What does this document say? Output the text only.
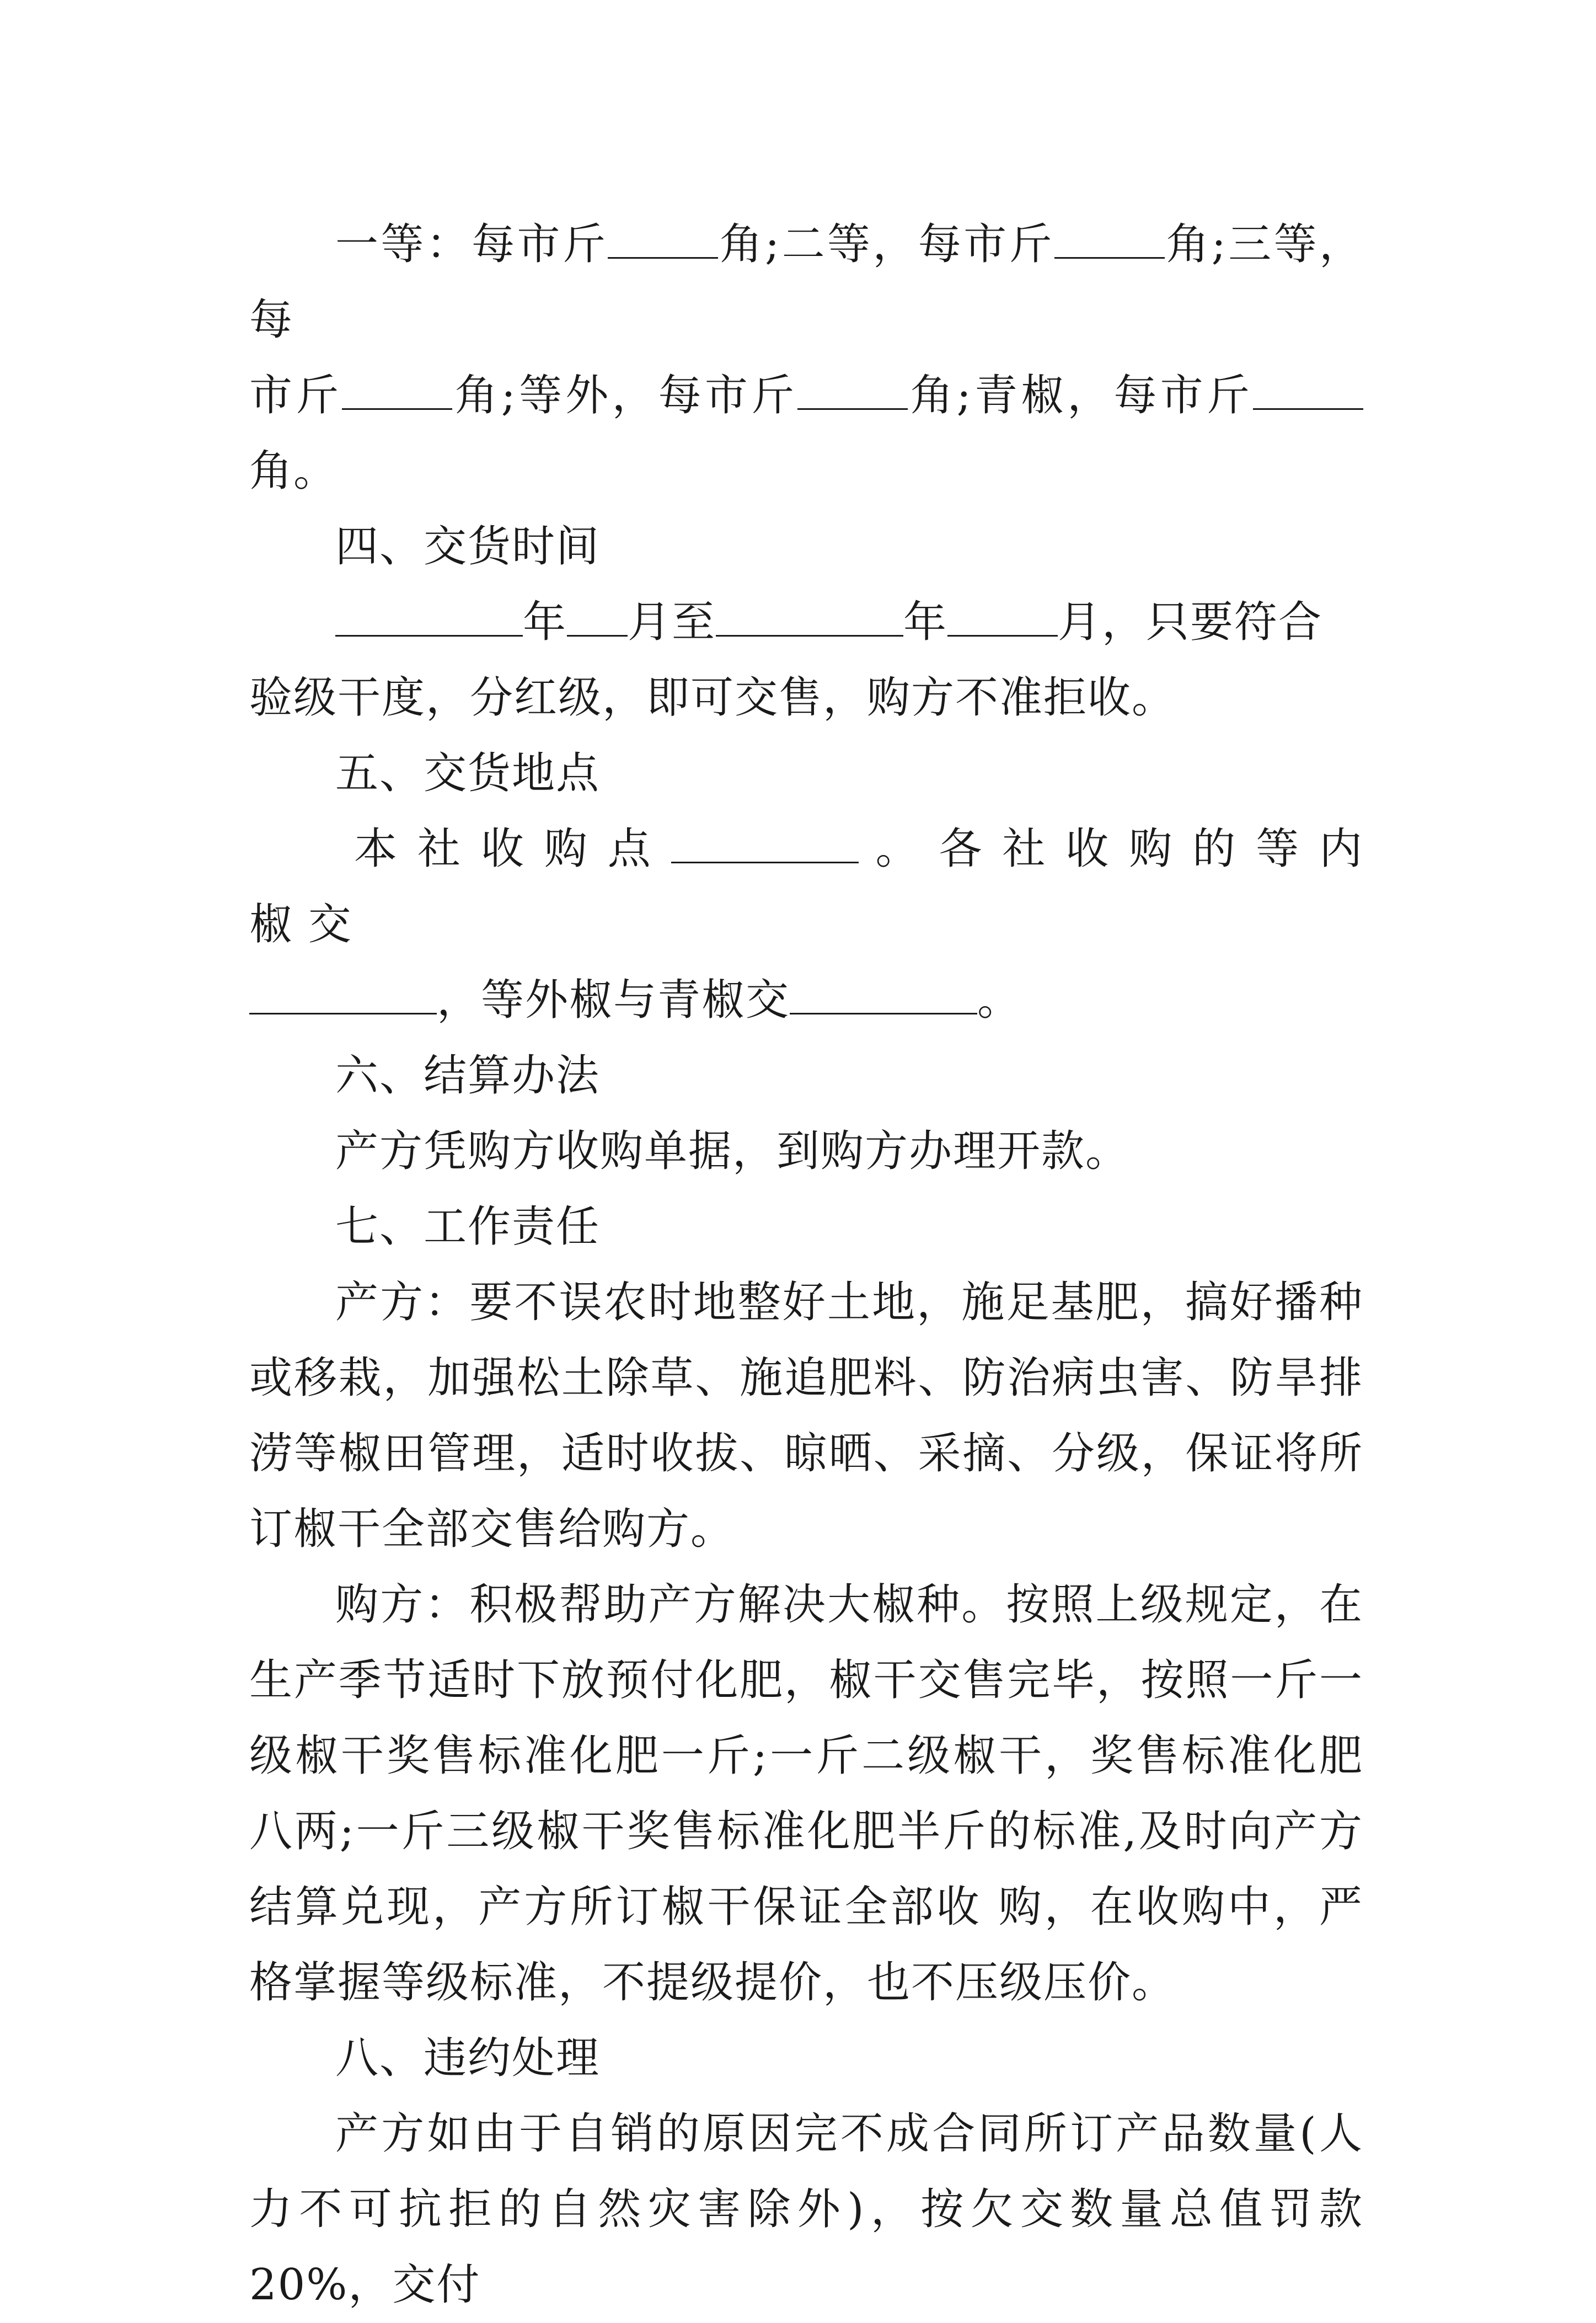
一等：每市斤	角;二等，每市斤	角;三等，每

市斤	角;等外，每市斤	角;青椒，每市斤角。

四、交货时间

年 月至	年	月，只要符合

验级干度，分红级，即可交售，购方不准拒收。

五、交货地点

本 社 收 购 点	。 各 社 收 购 的 等 内 椒 交

，等外椒与青椒交	。

六、结算办法

产方凭购方收购单据，到购方办理开款。

七、工作责任

产方：要不误农时地整好土地，施足基肥，搞好播种或移栽，加强松土除草、施追肥料、防治病虫害、防旱排涝等椒田管理，适时收拔、晾晒、采摘、分级，保证将所订椒干全部交售给购方。

购方：积极帮助产方解决大椒种。按照上级规定，在生产季节适时下放预付化肥，椒干交售完毕，按照一斤一级椒干奖售标准化肥一斤;一斤二级椒干，奖售标准化肥八两;一斤三级椒干奖售标准化肥半斤的标准,及时向产方结算兑现，产方所订椒干保证全部收 购，在收购中，严格掌握等级标准，不提级提价，也不压级压价。

八、违约处理

产方如由于自销的原因完不成合同所订产品数量(人力不可抗拒的自然灾害除外)，按欠交数量总值罚款 20%，交付
